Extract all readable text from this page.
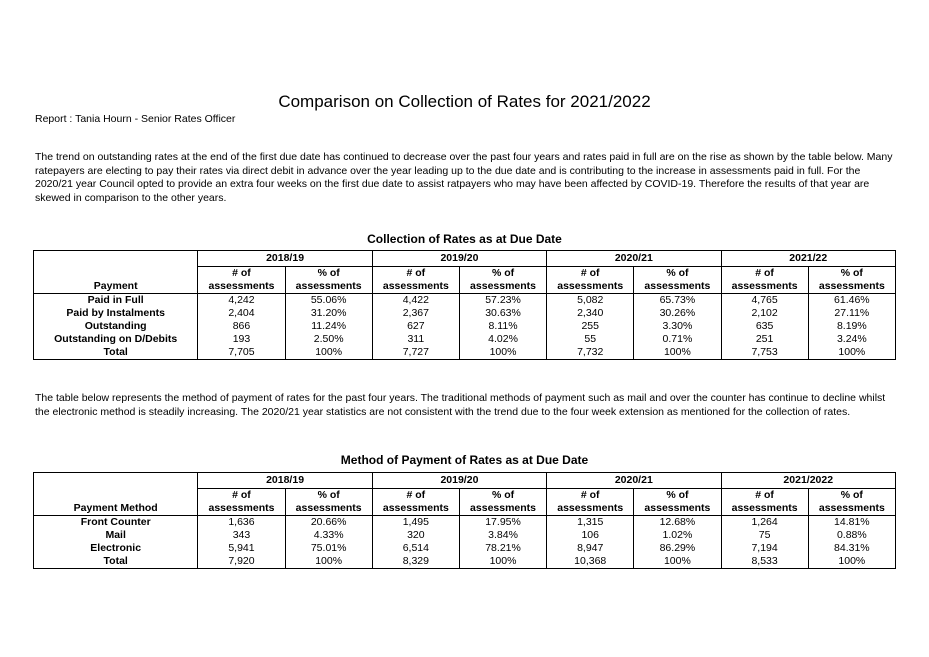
Comparison on Collection of Rates for 2021/2022
Report : Tania Hourn - Senior Rates Officer

The trend on outstanding rates at the end of the first due date has continued to decrease over the past four years and rates paid in full are on the rise as shown by the table below. Many ratepayers are electing to pay their rates via direct debit in advance over the year leading up to the due date and is contributing to the increase in assessments paid in full. For the 2020/21 year Council opted to provide an extra four weeks on the first due date to assist ratpayers who may have been affected by COVID-19. Therefore the results of that year are skewed in comparison to the other years.

Collection of Rates as at Due Date
	2018/19		2019/20		2020/21		2021/22	
	# of	% of	# of	% of	# of	% of	# of	% of
Payment	assessments	assessments	assessments	assessments	assessments	assessments	assessments	assessments
Paid in Full	4,242	55.06%	4,422	57.23%	5,082	65.73%	4,765	61.46%
Paid by Instalments	2,404	31.20%	2,367	30.63%	2,340	30.26%	2,102	27.11%
Outstanding	866	11.24%	627	8.11%	255	3.30%	635	8.19%
Outstanding on D/Debits	193	2.50%	311	4.02%	55	0.71%	251	3.24%
Total	7,705	100%	7,727	100%	7,732	100%	7,753	100%

The table below represents the method of payment of rates for the past four years. The traditional methods of payment such as mail and over the counter has continue to decline whilst the electronic method is steadily increasing. The 2020/21 year statistics are not consistent with the trend due to the four week extension as mentioned for the collection of rates.

Method of Payment of Rates as at Due Date
	2018/19		2019/20		2020/21		2021/2022	
	# of	% of	# of	% of	# of	% of	# of	% of
Payment Method	assessments	assessments	assessments	assessments	assessments	assessments	assessments	assessments
Front Counter	1,636	20.66%	1,495	17.95%	1,315	12.68%	1,264	14.81%
Mail	343	4.33%	320	3.84%	106	1.02%	75	0.88%
Electronic	5,941	75.01%	6,514	78.21%	8,947	86.29%	7,194	84.31%
Total	7,920	100%	8,329	100%	10,368	100%	8,533	100%
